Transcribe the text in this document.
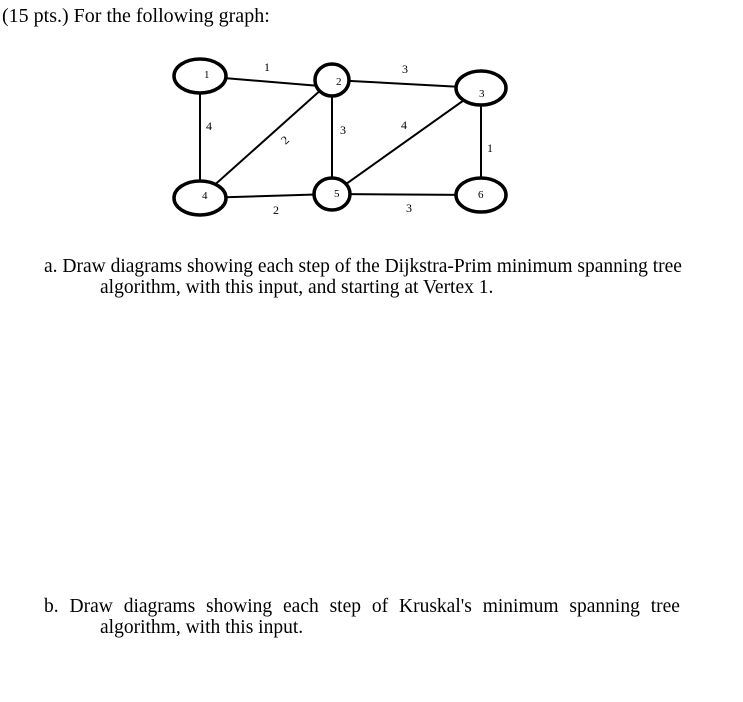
(15 pts.) For the following graph:
1	3
4
2
3	4
1
2	3
1
2
3
4	5	6
a. Draw diagrams showing each step of the Dijkstra-Prim minimum spanning tree
algorithm, with this input, and starting at Vertex 1.
b. Draw diagrams showing each step of Kruskal's minimum spanning tree
algorithm, with this input.
